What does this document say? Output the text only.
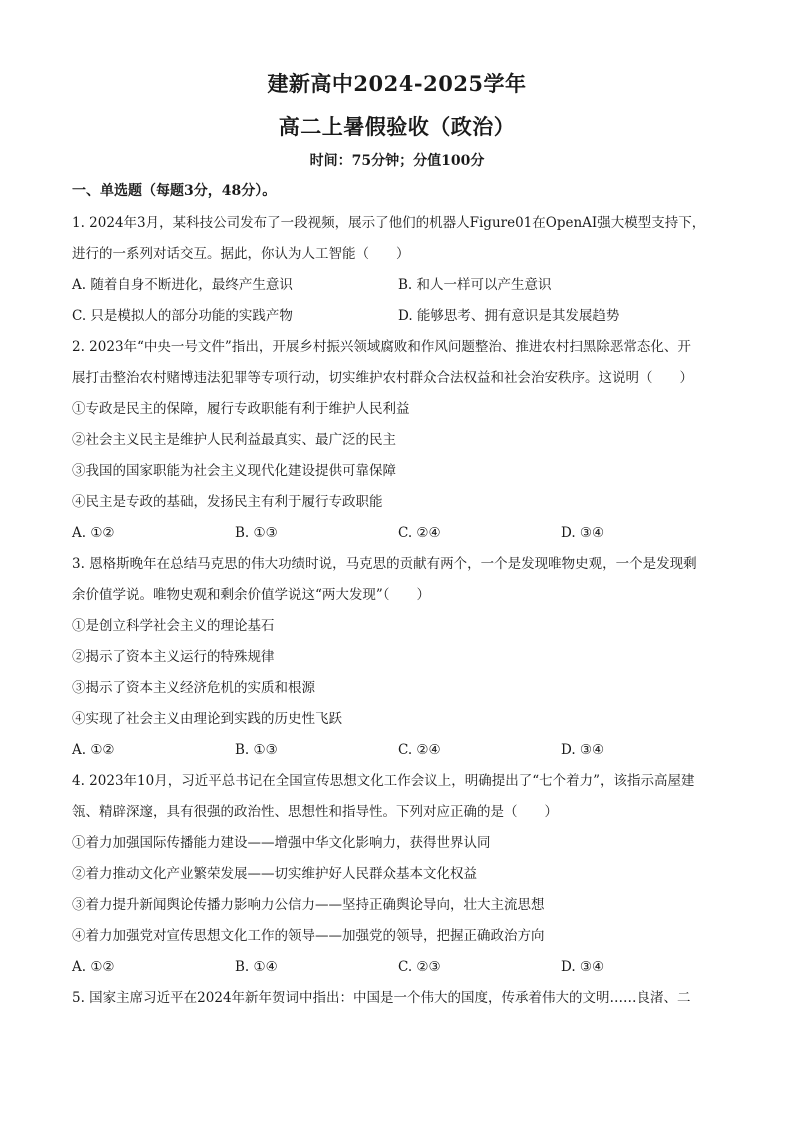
建新高中2024-2025学年
高二上暑假验收（政治）
时间：75分钟；分值100分
一、单选题（每题3分，48分）。
1. 2024年3月，某科技公司发布了一段视频，展示了他们的机器人Figure01在OpenAI强大模型支持下，
进行的一系列对话交互。据此，你认为人工智能（　　）
A. 随着自身不断进化，最终产生意识	B. 和人一样可以产生意识
C. 只是模拟人的部分功能的实践产物	D. 能够思考、拥有意识是其发展趋势
2. 2023年“中央一号文件”指出，开展乡村振兴领域腐败和作风问题整治、推进农村扫黑除恶常态化、开
展打击整治农村赌博违法犯罪等专项行动，切实维护农村群众合法权益和社会治安秩序。这说明（　　）
①专政是民主的保障，履行专政职能有利于维护人民利益
②社会主义民主是维护人民利益最真实、最广泛的民主
③我国的国家职能为社会主义现代化建设提供可靠保障
④民主是专政的基础，发扬民主有利于履行专政职能
A. ①②	B. ①③	C. ②④	D. ③④
3. 恩格斯晚年在总结马克思的伟大功绩时说，马克思的贡献有两个，一个是发现唯物史观，一个是发现剩
余价值学说。唯物史观和剩余价值学说这“两大发现”（　　）
①是创立科学社会主义的理论基石
②揭示了资本主义运行的特殊规律
③揭示了资本主义经济危机的实质和根源
④实现了社会主义由理论到实践的历史性飞跃
A. ①②	B. ①③	C. ②④	D. ③④
4. 2023年10月，习近平总书记在全国宣传思想文化工作会议上，明确提出了“七个着力”，该指示高屋建
瓴、精辟深邃，具有很强的政治性、思想性和指导性。下列对应正确的是（　　）
①着力加强国际传播能力建设——增强中华文化影响力，获得世界认同
②着力推动文化产业繁荣发展——切实维护好人民群众基本文化权益
③着力提升新闻舆论传播力影响力公信力——坚持正确舆论导向，壮大主流思想
④着力加强党对宣传思想文化工作的领导——加强党的领导，把握正确政治方向
A. ①②	B. ①④	C. ②③	D. ③④
5. 国家主席习近平在2024年新年贺词中指出：中国是一个伟大的国度，传承着伟大的文明……良渚、二
